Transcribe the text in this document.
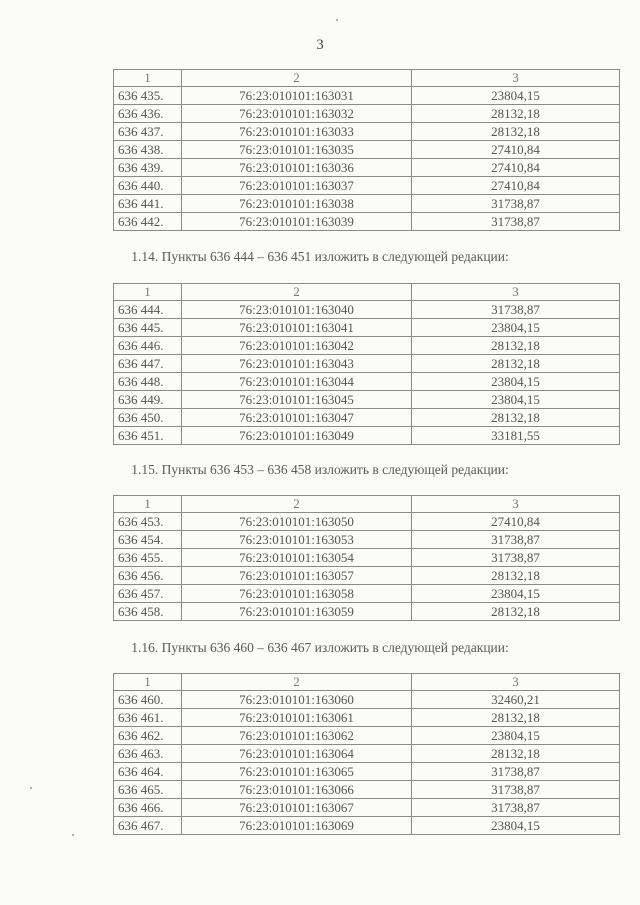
3
1	2	3
636 435.	76:23:010101:163031	23804,15
636 436.	76:23:010101:163032	28132,18
636 437.	76:23:010101:163033	28132,18
636 438.	76:23:010101:163035	27410,84
636 439.	76:23:010101:163036	27410,84
636 440.	76:23:010101:163037	27410,84
636 441.	76:23:010101:163038	31738,87
636 442.	76:23:010101:163039	31738,87
1.14. Пункты 636 444 – 636 451 изложить в следующей редакции:
1	2	3
636 444.	76:23:010101:163040	31738,87
636 445.	76:23:010101:163041	23804,15
636 446.	76:23:010101:163042	28132,18
636 447.	76:23:010101:163043	28132,18
636 448.	76:23:010101:163044	23804,15
636 449.	76:23:010101:163045	23804,15
636 450.	76:23:010101:163047	28132,18
636 451.	76:23:010101:163049	33181,55
1.15. Пункты 636 453 – 636 458 изложить в следующей редакции:
1	2	3
636 453.	76:23:010101:163050	27410,84
636 454.	76:23:010101:163053	31738,87
636 455.	76:23:010101:163054	31738,87
636 456.	76:23:010101:163057	28132,18
636 457.	76:23:010101:163058	23804,15
636 458.	76:23:010101:163059	28132,18
1.16. Пункты 636 460 – 636 467 изложить в следующей редакции:
1	2	3
636 460.	76:23:010101:163060	32460,21
636 461.	76:23:010101:163061	28132,18
636 462.	76:23:010101:163062	23804,15
636 463.	76:23:010101:163064	28132,18
636 464.	76:23:010101:163065	31738,87
636 465.	76:23:010101:163066	31738,87
636 466.	76:23:010101:163067	31738,87
636 467.	76:23:010101:163069	23804,15
